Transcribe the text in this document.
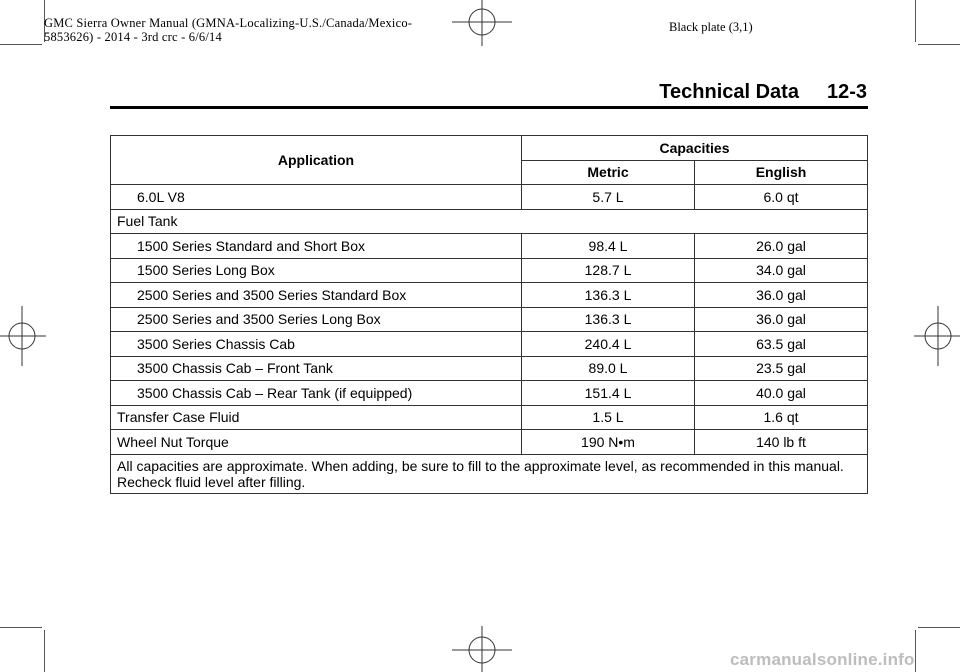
GMC Sierra Owner Manual (GMNA-Localizing-U.S./Canada/Mexico-
5853626) - 2014 - 3rd crc - 6/6/14
Black plate (3,1)
Technical Data 12-3
Application	Capacities	
	Metric	English
6.0L V8	5.7 L	6.0 qt
Fuel Tank		
1500 Series Standard and Short Box	98.4 L	26.0 gal
1500 Series Long Box	128.7 L	34.0 gal
2500 Series and 3500 Series Standard Box	136.3 L	36.0 gal
2500 Series and 3500 Series Long Box	136.3 L	36.0 gal
3500 Series Chassis Cab	240.4 L	63.5 gal
3500 Chassis Cab – Front Tank	89.0 L	23.5 gal
3500 Chassis Cab – Rear Tank (if equipped)	151.4 L	40.0 gal
Transfer Case Fluid	1.5 L	1.6 qt
Wheel Nut Torque	190 N•m	140 lb ft
All capacities are approximate. When adding, be sure to fill to the approximate level, as recommended in this manual. Recheck fluid level after filling.		
carmanualsonline.info
